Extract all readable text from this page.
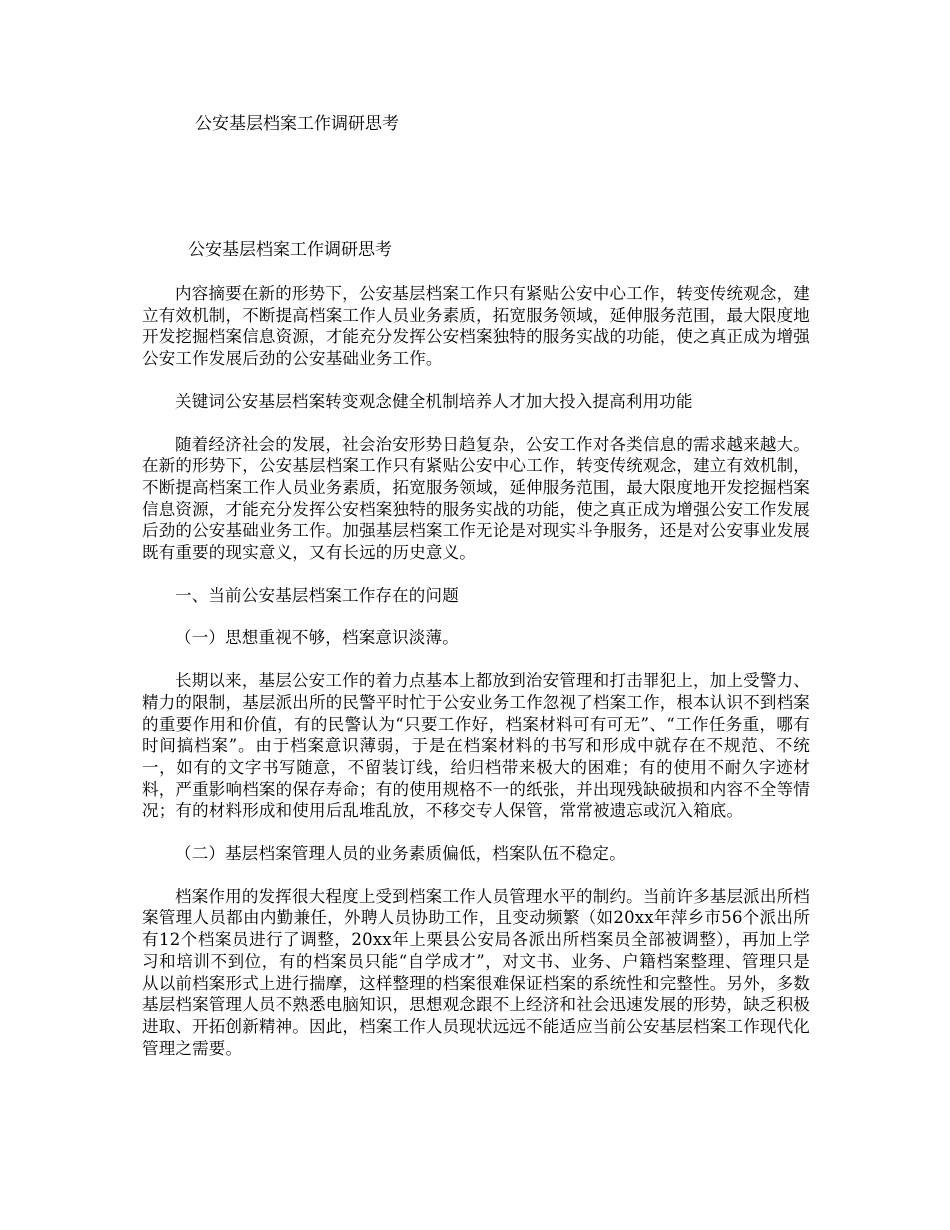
公安基层档案工作调研思考
公安基层档案工作调研思考

内容摘要在新的形势下，公安基层档案工作只有紧贴公安中心工作，转变传统观念，建立有效机制，不断提高档案工作人员业务素质，拓宽服务领域，延伸服务范围，最大限度地开发挖掘档案信息资源，才能充分发挥公安档案独特的服务实战的功能，使之真正成为增强公安工作发展后劲的公安基础业务工作。

关键词公安基层档案转变观念健全机制培养人才加大投入提高利用功能

随着经济社会的发展，社会治安形势日趋复杂，公安工作对各类信息的需求越来越大。在新的形势下，公安基层档案工作只有紧贴公安中心工作，转变传统观念，建立有效机制，不断提高档案工作人员业务素质，拓宽服务领域，延伸服务范围，最大限度地开发挖掘档案信息资源，才能充分发挥公安档案独特的服务实战的功能，使之真正成为增强公安工作发展后劲的公安基础业务工作。加强基层档案工作无论是对现实斗争服务，还是对公安事业发展既有重要的现实意义，又有长远的历史意义。

一、当前公安基层档案工作存在的问题

（一）思想重视不够，档案意识淡薄。

长期以来，基层公安工作的着力点基本上都放到治安管理和打击罪犯上，加上受警力、精力的限制，基层派出所的民警平时忙于公安业务工作忽视了档案工作，根本认识不到档案的重要作用和价值，有的民警认为“只要工作好，档案材料可有可无”、“工作任务重，哪有时间搞档案”。由于档案意识薄弱，于是在档案材料的书写和形成中就存在不规范、不统一，如有的文字书写随意，不留装订线，给归档带来极大的困难；有的使用不耐久字迹材料，严重影响档案的保存寿命；有的使用规格不一的纸张，并出现残缺破损和内容不全等情况；有的材料形成和使用后乱堆乱放，不移交专人保管，常常被遗忘或沉入箱底。

（二）基层档案管理人员的业务素质偏低，档案队伍不稳定。

档案作用的发挥很大程度上受到档案工作人员管理水平的制约。当前许多基层派出所档案管理人员都由内勤兼任，外聘人员协助工作，且变动频繁（如20xx年萍乡市56个派出所有12个档案员进行了调整，20xx年上栗县公安局各派出所档案员全部被调整），再加上学习和培训不到位，有的档案员只能“自学成才”，对文书、业务、户籍档案整理、管理只是从以前档案形式上进行揣摩，这样整理的档案很难保证档案的系统性和完整性。另外，多数基层档案管理人员不熟悉电脑知识，思想观念跟不上经济和社会迅速发展的形势，缺乏积极进取、开拓创新精神。因此，档案工作人员现状远远不能适应当前公安基层档案工作现代化管理之需要。
